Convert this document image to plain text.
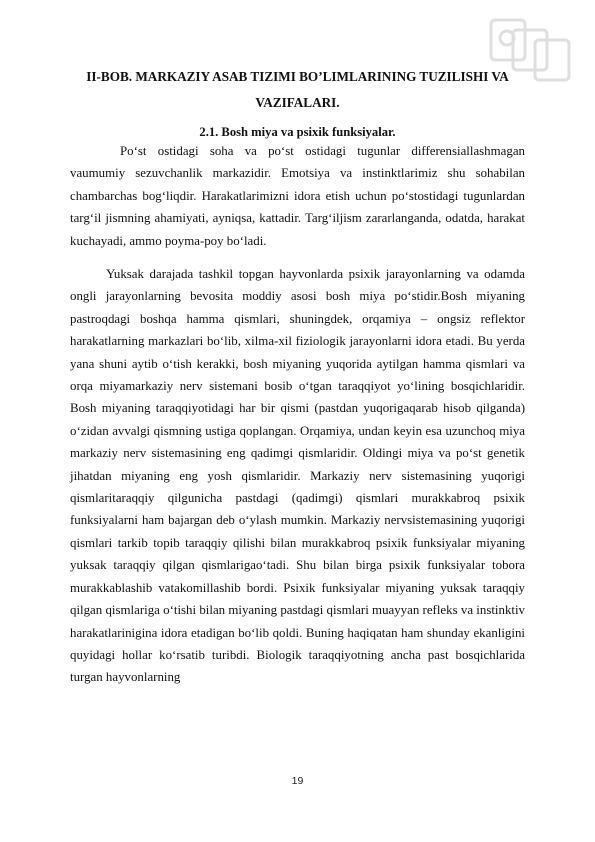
II-BOB. MARKAZIY ASAB TIZIMI BO’LIMLARINING TUZILISHI VA VAZIFALARI.
2.1. Bosh miya va psixik funksiyalar.

Po‘st ostidagi soha va po‘st ostidagi tugunlar differensiallashmagan vaumumiy sezuvchanlik markazidir. Emotsiya va instinktlarimiz shu sohabilan chambarchas bog‘liqdir. Harakatlarimizni idora etish uchun po‘stostidagi tugunlardan targ‘il jismning ahamiyati, ayniqsa, kattadir. Targ‘iljism zararlanganda, odatda, harakat kuchayadi, ammo poyma-poy bo‘ladi.

Yuksak darajada tashkil topgan hayvonlarda psixik jarayonlarning va odamda ongli jarayonlarning bevosita moddiy asosi bosh miya po‘stidir.Bosh miyaning pastroqdagi boshqa hamma qismlari, shuningdek, orqamiya – ongsiz reflektor harakatlarning markazlari bo‘lib, xilma-xil fiziologik jarayonlarni idora etadi. Bu yerda yana shuni aytib o‘tish kerakki, bosh miyaning yuqorida aytilgan hamma qismlari va orqa miyamarkaziy nerv sistemani bosib o‘tgan taraqqiyot yo‘lining bosqichlaridir. Bosh miyaning taraqqiyotidagi har bir qismi (pastdan yuqorigaqarab hisob qilganda) o‘zidan avvalgi qismning ustiga qoplangan. Orqamiya, undan keyin esa uzunchoq miya markaziy nerv sistemasining eng qadimgi qismlaridir. Oldingi miya va po‘st genetik jihatdan miyaning eng yosh qismlaridir. Markaziy nerv sistemasining yuqorigi qismlaritaraqqiy qilgunicha pastdagi (qadimgi) qismlari murakkabroq psixik funksiyalarni ham bajargan deb o‘ylash mumkin. Markaziy nervsistemasining yuqorigi qismlari tarkib topib taraqqiy qilishi bilan murakkabroq psixik funksiyalar miyaning yuksak taraqqiy qilgan qismlarigao‘tadi. Shu bilan birga psixik funksiyalar tobora murakkablashib vatakomillashib bordi. Psixik funksiyalar miyaning yuksak taraqqiy qilgan qismlariga o‘tishi bilan miyaning pastdagi qismlari muayyan refleks va instinktiv harakatlarinigina idora etadigan bo‘lib qoldi. Buning haqiqatan ham shunday ekanligini quyidagi hollar ko‘rsatib turibdi. Biologik taraqqiyotning ancha past bosqichlarida turgan hayvonlarning

19
